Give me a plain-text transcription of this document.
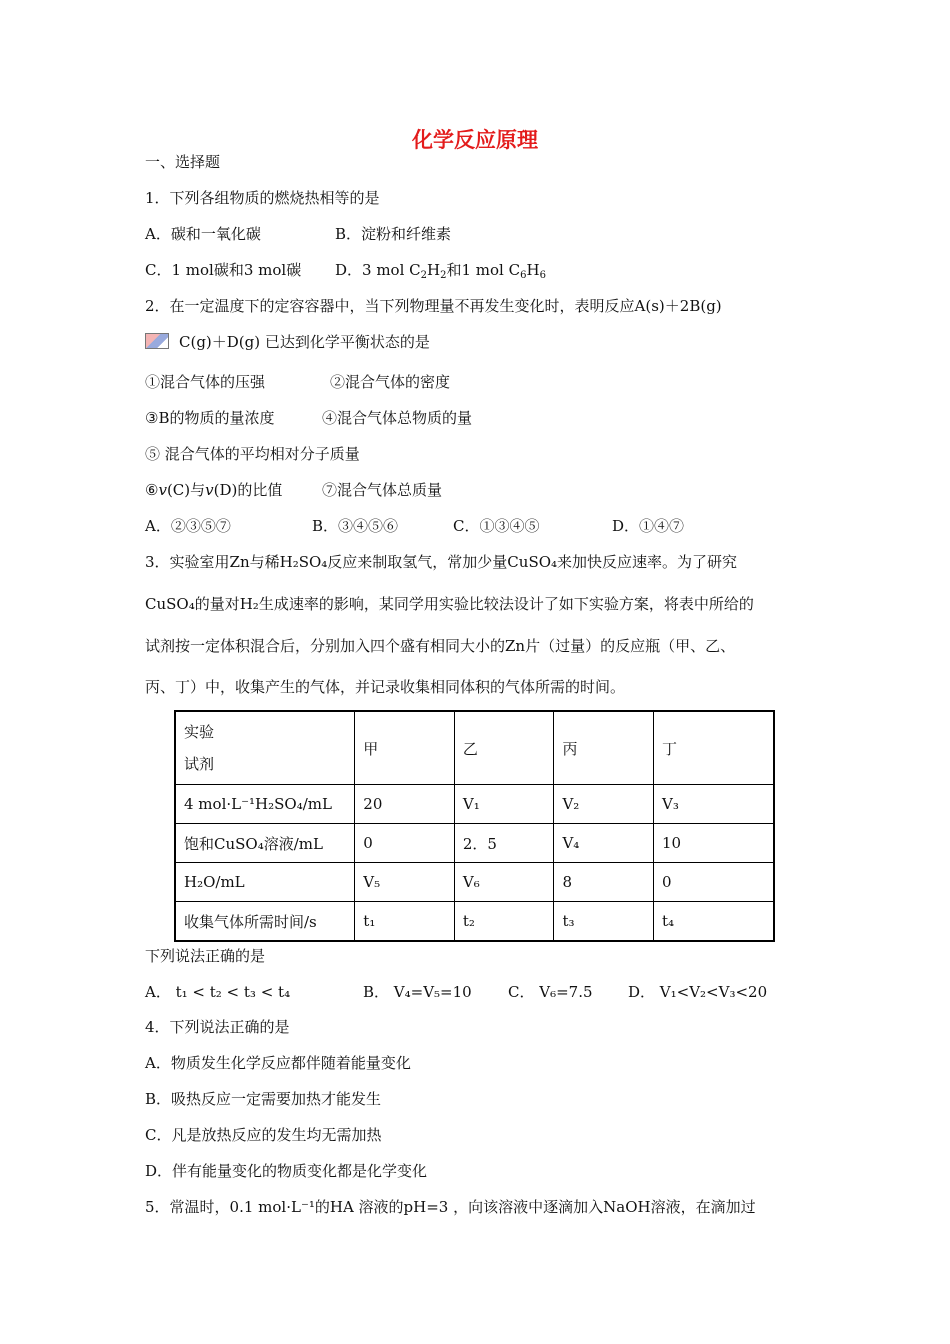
化学反应原理
一、选择题
1．下列各组物质的燃烧热相等的是
A．碳和一氧化碳	B．淀粉和纤维素
C．1 mol碳和3 mol碳 D．3 mol $C_2H_2$和1 mol $C_6H_6$
2．在一定温度下的定容容器中，当下列物理量不再发生变化时，表明反应A(s)＋2B(g)
C(g)＋D(g) 已达到化学平衡状态的是
①混合气体的压强	②混合气体的密度
③B的物质的量浓度	④混合气体总物质的量
⑤ 混合气体的平均相对分子质量
⑥v(C)与v(D)的比值	⑦混合气体总质量
A．②③⑤⑦	B．③④⑤⑥	C．①③④⑤	D．①④⑦
3．实验室用Zn与稀H₂SO₄反应来制取氢气，常加少量CuSO₄来加快反应速率。为了研究
CuSO₄的量对H₂生成速率的影响，某同学用实验比较法设计了如下实验方案，将表中所给的
试剂按一定体积混合后，分别加入四个盛有相同大小的Zn片（过量）的反应瓶（甲、乙、
丙、丁）中，收集产生的气体，并记录收集相同体积的气体所需的时间。
实验
试剂	甲	乙	丙	丁
4 mol·L⁻¹H₂SO₄/mL	20	V₁	V₂	V₃
饱和CuSO₄溶液/mL	0	2．5	V₄	10
H₂O/mL	V₅	V₆	8	0
收集气体所需时间/s	t₁	t₂	t₃	t₄
下列说法正确的是
A． t₁ < t₂ < t₃ < t₄	B． V₄=V₅=10 C． V₆=7.5 D． V₁<V₂<V₃<20
4．下列说法正确的是
A．物质发生化学反应都伴随着能量变化
B．吸热反应一定需要加热才能发生
C．凡是放热反应的发生均无需加热
D．伴有能量变化的物质变化都是化学变化
5．常温时，0.1 mol·L⁻¹的HA 溶液的pH=3 ，向该溶液中逐滴加入NaOH溶液，在滴加过
